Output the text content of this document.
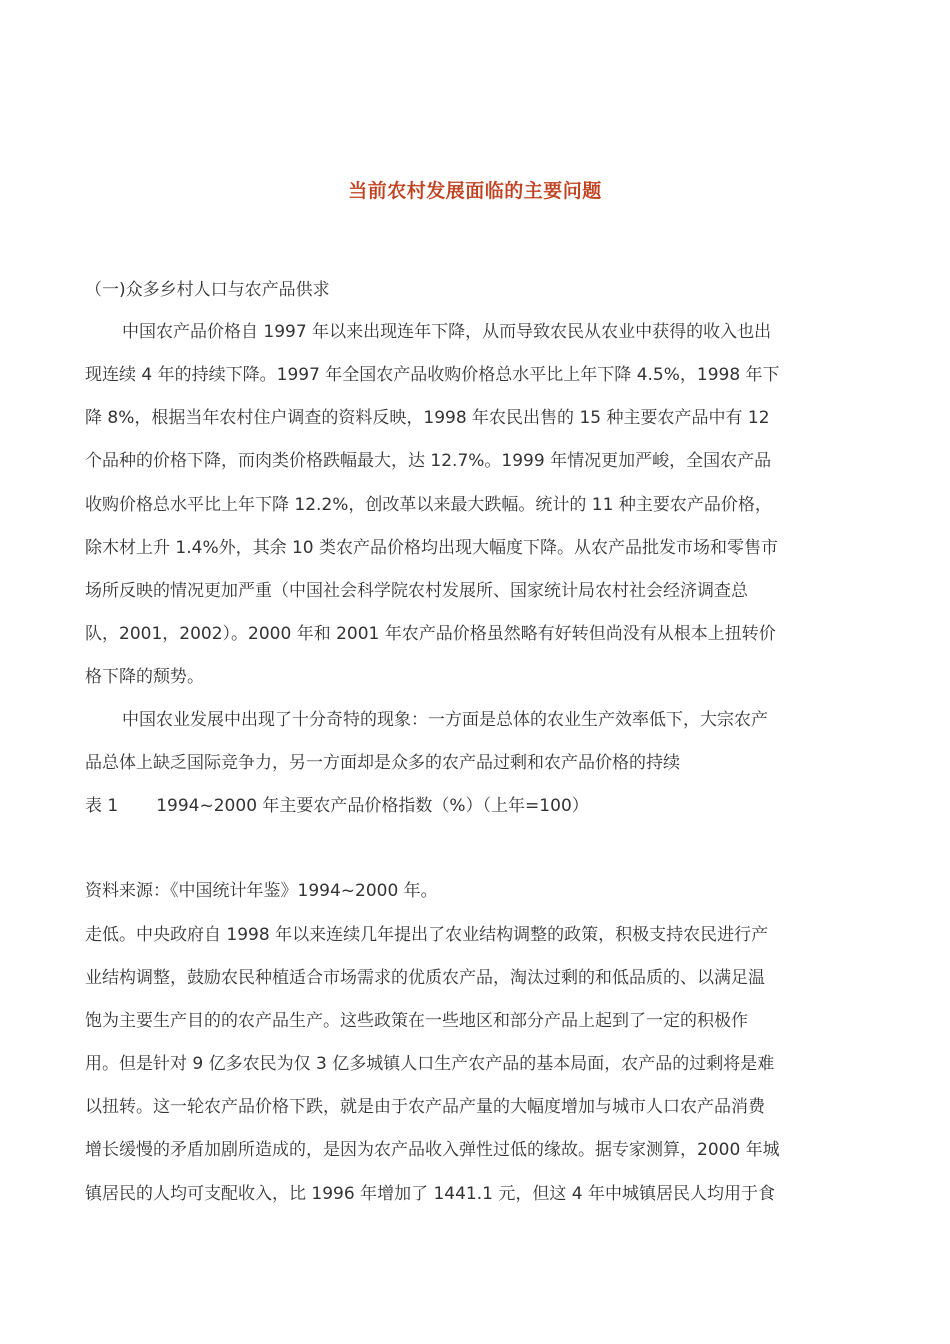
当前农村发展面临的主要问题
（一)众多乡村人口与农产品供求
中国农产品价格自 1997 年以来出现连年下降，从而导致农民从农业中获得的收入也出
现连续 4 年的持续下降。1997 年全国农产品收购价格总水平比上年下降 4.5%，1998 年下
降 8%，根据当年农村住户调查的资料反映，1998 年农民出售的 15 种主要农产品中有 12
个品种的价格下降，而肉类价格跌幅最大，达 12.7%。1999 年情况更加严峻，全国农产品
收购价格总水平比上年下降 12.2%，创改革以来最大跌幅。统计的 11 种主要农产品价格，
除木材上升 1.4%外，其余 10 类农产品价格均出现大幅度下降。从农产品批发市场和零售市
场所反映的情况更加严重（中国社会科学院农村发展所、国家统计局农村社会经济调查总
队，2001，2002）。2000 年和 2001 年农产品价格虽然略有好转但尚没有从根本上扭转价
格下降的颓势。
中国农业发展中出现了十分奇特的现象：一方面是总体的农业生产效率低下，大宗农产
品总体上缺乏国际竞争力，另一方面却是众多的农产品过剩和农产品价格的持续
表 1 1994~2000 年主要农产品价格指数（%）（上年=100）
资料来源：《中国统计年鉴》1994~2000 年。
走低。中央政府自 1998 年以来连续几年提出了农业结构调整的政策，积极支持农民进行产
业结构调整，鼓励农民种植适合市场需求的优质农产品，淘汰过剩的和低品质的、以满足温
饱为主要生产目的的农产品生产。这些政策在一些地区和部分产品上起到了一定的积极作
用。但是针对 9 亿多农民为仅 3 亿多城镇人口生产农产品的基本局面，农产品的过剩将是难
以扭转。这一轮农产品价格下跌，就是由于农产品产量的大幅度增加与城市人口农产品消费
增长缓慢的矛盾加剧所造成的，是因为农产品收入弹性过低的缘故。据专家测算，2000 年城
镇居民的人均可支配收入，比 1996 年增加了 1441.1 元，但这 4 年中城镇居民人均用于食
